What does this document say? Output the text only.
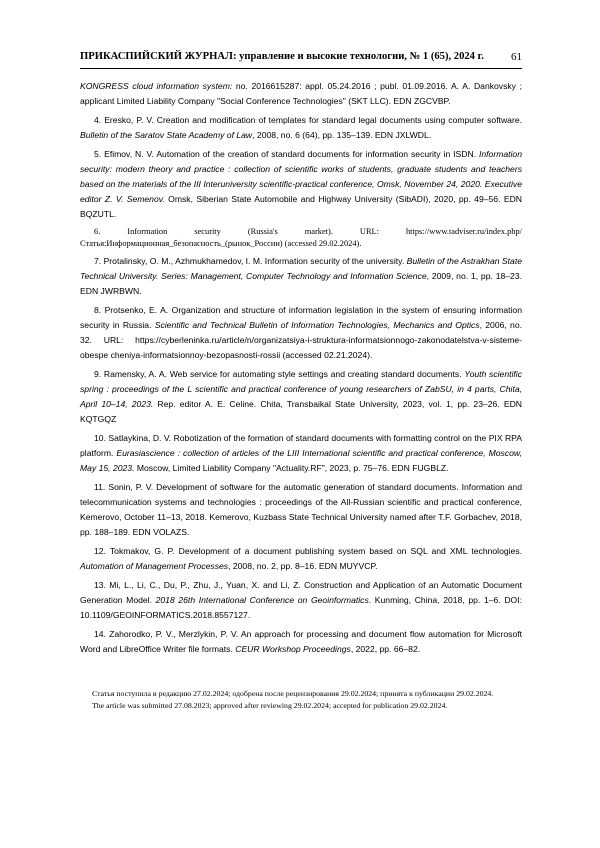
ПРИКАСПИЙСКИЙ ЖУРНАЛ: управление и высокие технологии, № 1 (65), 2024 г. 61

KONGRESS cloud information system: no. 2016615287: appl. 05.24.2016 ; publ. 01.09.2016. A. A. Dankovsky ; applicant Limited Liability Company "Social Conference Technologies" (SKT LLC). EDN ZGCVBP.

4. Eresko, P. V. Creation and modification of templates for standard legal documents using computer software. Bulletin of the Saratov State Academy of Law, 2008, no. 6 (64), pp. 135–139. EDN JXLWDL.

5. Efimov, N. V. Automation of the creation of standard documents for information security in ISDN. Information security: modern theory and practice : collection of scientific works of students, graduate students and teachers based on the materials of the III Interuniversity scientific-practical conference, Omsk, November 24, 2020. Executive editor Z. V. Semenov. Omsk, Siberian State Automobile and Highway University (SibADI), 2020, pp. 49–56. EDN BQZUTL.

6. Information security (Russia's market). URL: https://www.tadviser.ru/index.php/Статья:Информационная_безопасность_(рынок_России) (accessed 29.02.2024).

7. Protalinsky, O. M., Azhmukhamedov, I. M. Information security of the university. Bulletin of the Astrakhan State Technical University. Series: Management, Computer Technology and Information Science, 2009, no. 1, pp. 18–23. EDN JWRBWN.

8. Protsenko, E. A. Organization and structure of information legislation in the system of ensuring information security in Russia. Scientific and Technical Bulletin of Information Technologies, Mechanics and Optics, 2006, no. 32. URL: https://cyberleninka.ru/article/n/organizatsiya-i-struktura-informatsionnogo-zakonodatelstva-v-sisteme-obespe cheniya-informatsionnoy-bezopasnosti-rossii (accessed 02.21.2024).

9. Ramensky, A. A. Web service for automating style settings and creating standard documents. Youth scientific spring : proceedings of the L scientific and practical conference of young researchers of ZabSU, in 4 parts, Chita, April 10–14, 2023. Rep. editor A. E. Celine. Chita, Transbaikal State University, 2023, vol. 1, pp. 23–26. EDN KQTGQZ

10. Satlaykina, D. V. Robotization of the formation of standard documents with formatting control on the PIX RPA platform. Eurasiascience : collection of articles of the LIII International scientific and practical conference, Moscow, May 15, 2023. Moscow, Limited Liability Company "Actuality.RF", 2023, p. 75–76. EDN FUGBLZ.

11. Sonin, P. V. Development of software for the automatic generation of standard documents. Information and telecommunication systems and technologies : proceedings of the All-Russian scientific and practical conference, Kemerovo, October 11–13, 2018. Kemerovo, Kuzbass State Technical University named after T.F. Gorbachev, 2018, pp. 188–189. EDN VOLAZS.

12. Tokmakov, G. P. Development of a document publishing system based on SQL and XML technologies. Automation of Management Processes, 2008, no. 2, pp. 8–16. EDN MUYVCP.

13. Mi, L., Li, C., Du, P., Zhu, J., Yuan, X. and Li, Z. Construction and Application of an Automatic Document Generation Model. 2018 26th International Conference on Geoinformatics. Kunming, China, 2018, pp. 1–6. DOI: 10.1109/GEOINFORMATICS.2018.8557127.

14. Zahorodko, P. V., Merzlykin, P. V. An approach for processing and document flow automation for Microsoft Word and LibreOffice Writer file formats. CEUR Workshop Proceedings, 2022, pp. 66–82.

Статья поступила в редакцию 27.02.2024; одобрена после рецензирования 29.02.2024; принята к публикации 29.02.2024.

The article was submitted 27.08.2023; approved after reviewing 29.02.2024; accepted for publication 29.02.2024.
